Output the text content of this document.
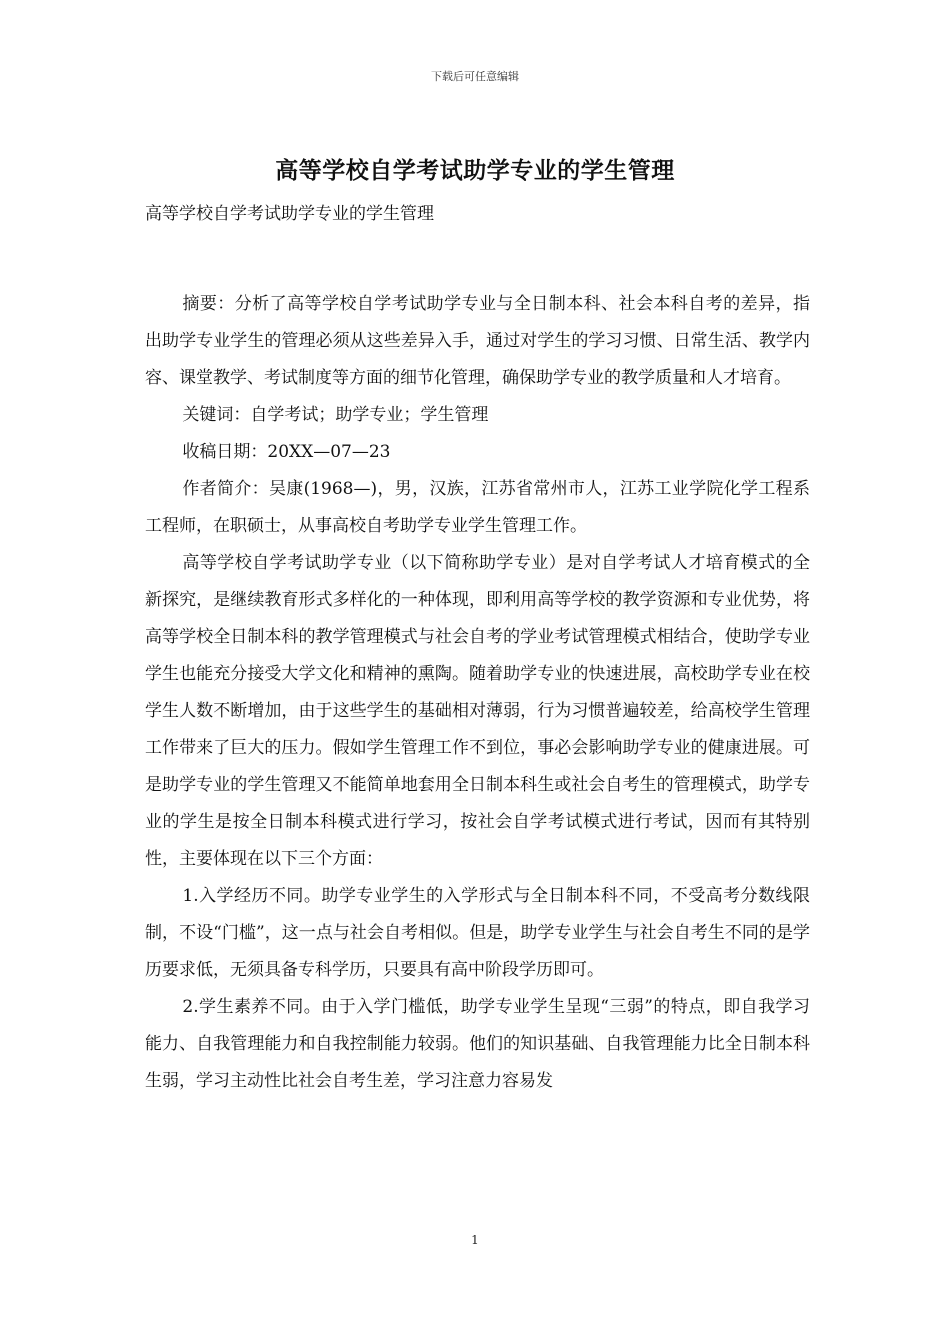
下载后可任意编辑
高等学校自学考试助学专业的学生管理

高等学校自学考试助学专业的学生管理

摘要：分析了高等学校自学考试助学专业与全日制本科、社会本科自考的差异，指出助学专业学生的管理必须从这些差异入手，通过对学生的学习习惯、日常生活、教学内容、课堂教学、考试制度等方面的细节化管理，确保助学专业的教学质量和人才培育。

关键词：自学考试；助学专业；学生管理

收稿日期：20XX—07—23

作者简介：吴康(1968—)，男，汉族，江苏省常州市人，江苏工业学院化学工程系工程师，在职硕士，从事高校自考助学专业学生管理工作。

高等学校自学考试助学专业（以下简称助学专业）是对自学考试人才培育模式的全新探究，是继续教育形式多样化的一种体现，即利用高等学校的教学资源和专业优势，将高等学校全日制本科的教学管理模式与社会自考的学业考试管理模式相结合，使助学专业学生也能充分接受大学文化和精神的熏陶。随着助学专业的快速进展，高校助学专业在校学生人数不断增加，由于这些学生的基础相对薄弱，行为习惯普遍较差，给高校学生管理工作带来了巨大的压力。假如学生管理工作不到位，事必会影响助学专业的健康进展。可是助学专业的学生管理又不能简单地套用全日制本科生或社会自考生的管理模式，助学专业的学生是按全日制本科模式进行学习，按社会自学考试模式进行考试，因而有其特别性，主要体现在以下三个方面：

1.入学经历不同。助学专业学生的入学形式与全日制本科不同，不受高考分数线限制，不设“门槛”，这一点与社会自考相似。但是，助学专业学生与社会自考生不同的是学历要求低，无须具备专科学历，只要具有高中阶段学历即可。

2.学生素养不同。由于入学门槛低，助学专业学生呈现“三弱”的特点，即自我学习能力、自我管理能力和自我控制能力较弱。他们的知识基础、自我管理能力比全日制本科生弱，学习主动性比社会自考生差，学习注意力容易发

1
